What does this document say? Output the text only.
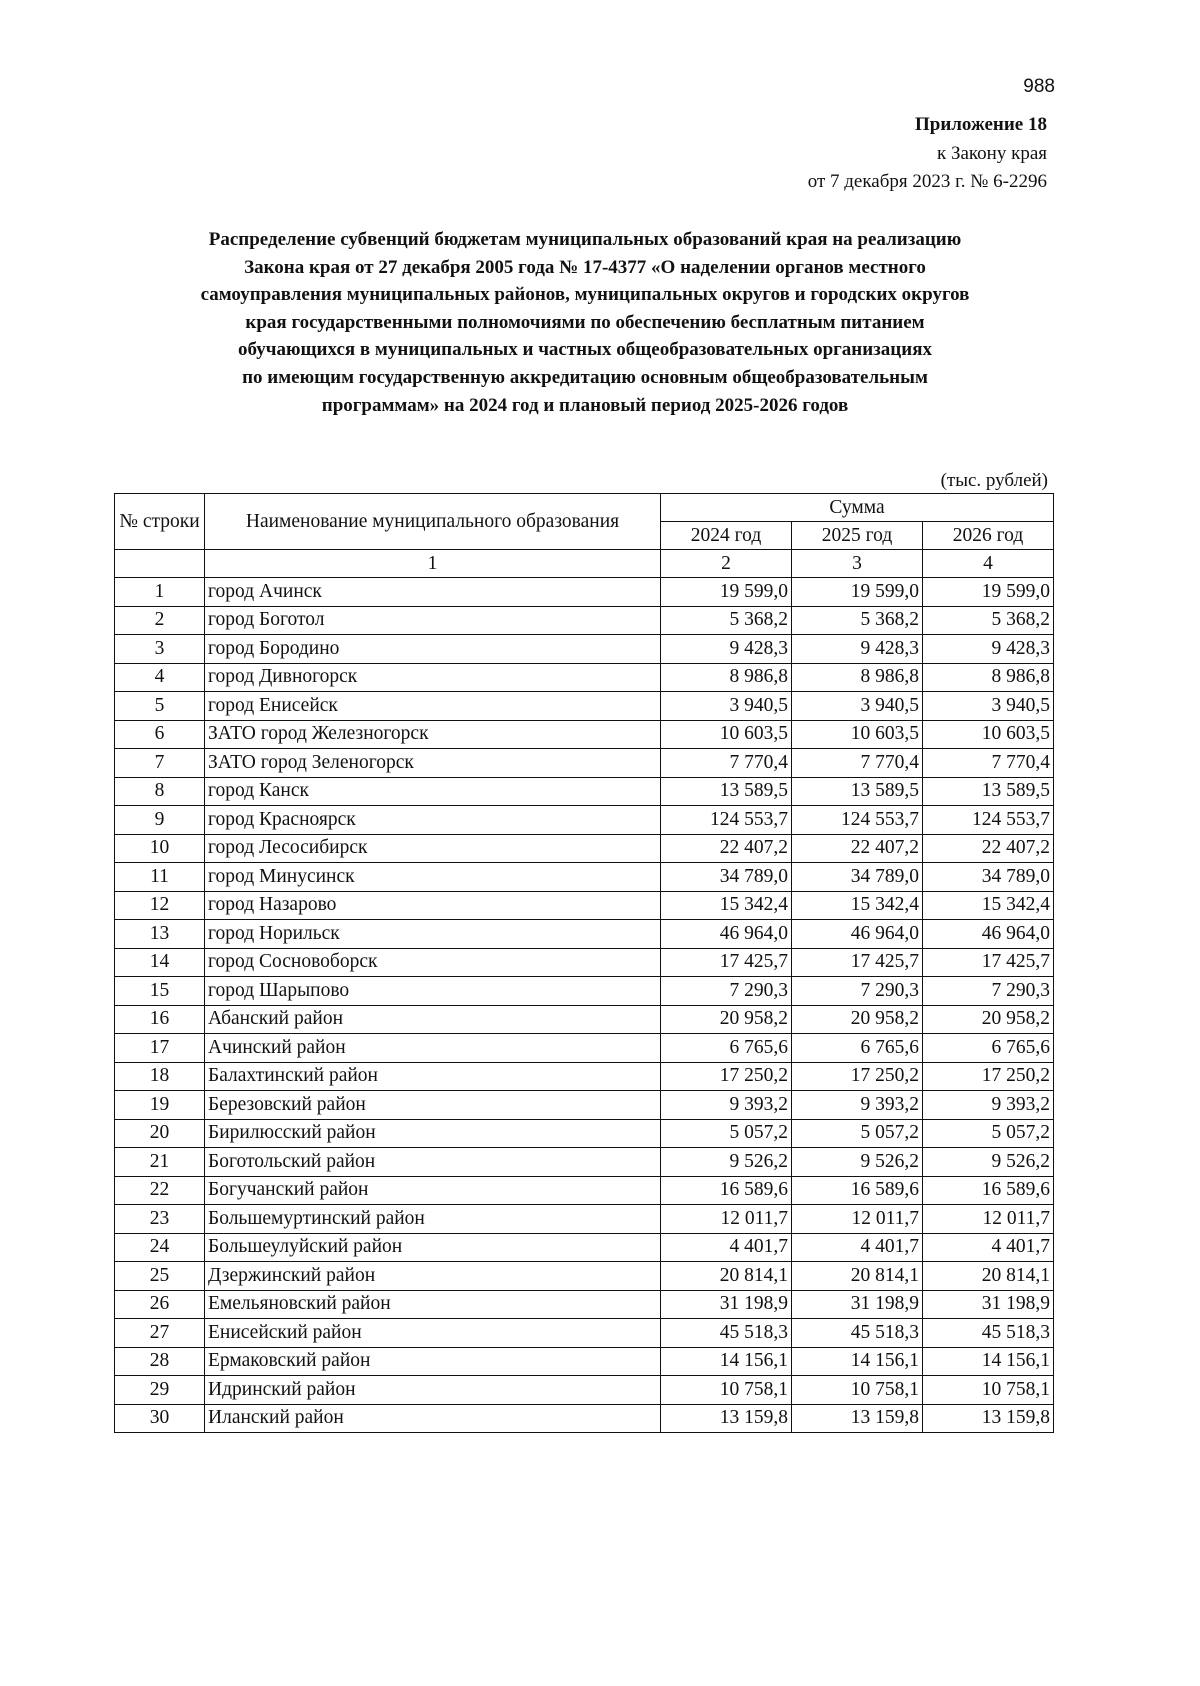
988
Приложение 18
к Закону края
от 7 декабря 2023 г. № 6-2296
Распределение субвенций бюджетам муниципальных образований края на реализацию
Закона края от 27 декабря 2005 года № 17-4377 «О наделении органов местного
самоуправления муниципальных районов, муниципальных округов и городских округов
края государственными полномочиями по обеспечению бесплатным питанием
обучающихся в муниципальных и частных общеобразовательных организациях
по имеющим государственную аккредитацию основным общеобразовательным
программам» на 2024 год и плановый период 2025-2026 годов
(тыс. рублей)
№ строки	Наименование муниципального образования	Сумма		
		2024 год	2025 год	2026 год
	1	2	3	4
1	город Ачинск	19 599,0	19 599,0	19 599,0
2	город Боготол	5 368,2	5 368,2	5 368,2
3	город Бородино	9 428,3	9 428,3	9 428,3
4	город Дивногорск	8 986,8	8 986,8	8 986,8
5	город Енисейск	3 940,5	3 940,5	3 940,5
6	ЗАТО город Железногорск	10 603,5	10 603,5	10 603,5
7	ЗАТО город Зеленогорск	7 770,4	7 770,4	7 770,4
8	город Канск	13 589,5	13 589,5	13 589,5
9	город Красноярск	124 553,7	124 553,7	124 553,7
10	город Лесосибирск	22 407,2	22 407,2	22 407,2
11	город Минусинск	34 789,0	34 789,0	34 789,0
12	город Назарово	15 342,4	15 342,4	15 342,4
13	город Норильск	46 964,0	46 964,0	46 964,0
14	город Сосновоборск	17 425,7	17 425,7	17 425,7
15	город Шарыпово	7 290,3	7 290,3	7 290,3
16	Абанский район	20 958,2	20 958,2	20 958,2
17	Ачинский район	6 765,6	6 765,6	6 765,6
18	Балахтинский район	17 250,2	17 250,2	17 250,2
19	Березовский район	9 393,2	9 393,2	9 393,2
20	Бирилюсский район	5 057,2	5 057,2	5 057,2
21	Боготольский район	9 526,2	9 526,2	9 526,2
22	Богучанский район	16 589,6	16 589,6	16 589,6
23	Большемуртинский район	12 011,7	12 011,7	12 011,7
24	Большеулуйский район	4 401,7	4 401,7	4 401,7
25	Дзержинский район	20 814,1	20 814,1	20 814,1
26	Емельяновский район	31 198,9	31 198,9	31 198,9
27	Енисейский район	45 518,3	45 518,3	45 518,3
28	Ермаковский район	14 156,1	14 156,1	14 156,1
29	Идринский район	10 758,1	10 758,1	10 758,1
30	Иланский район	13 159,8	13 159,8	13 159,8
